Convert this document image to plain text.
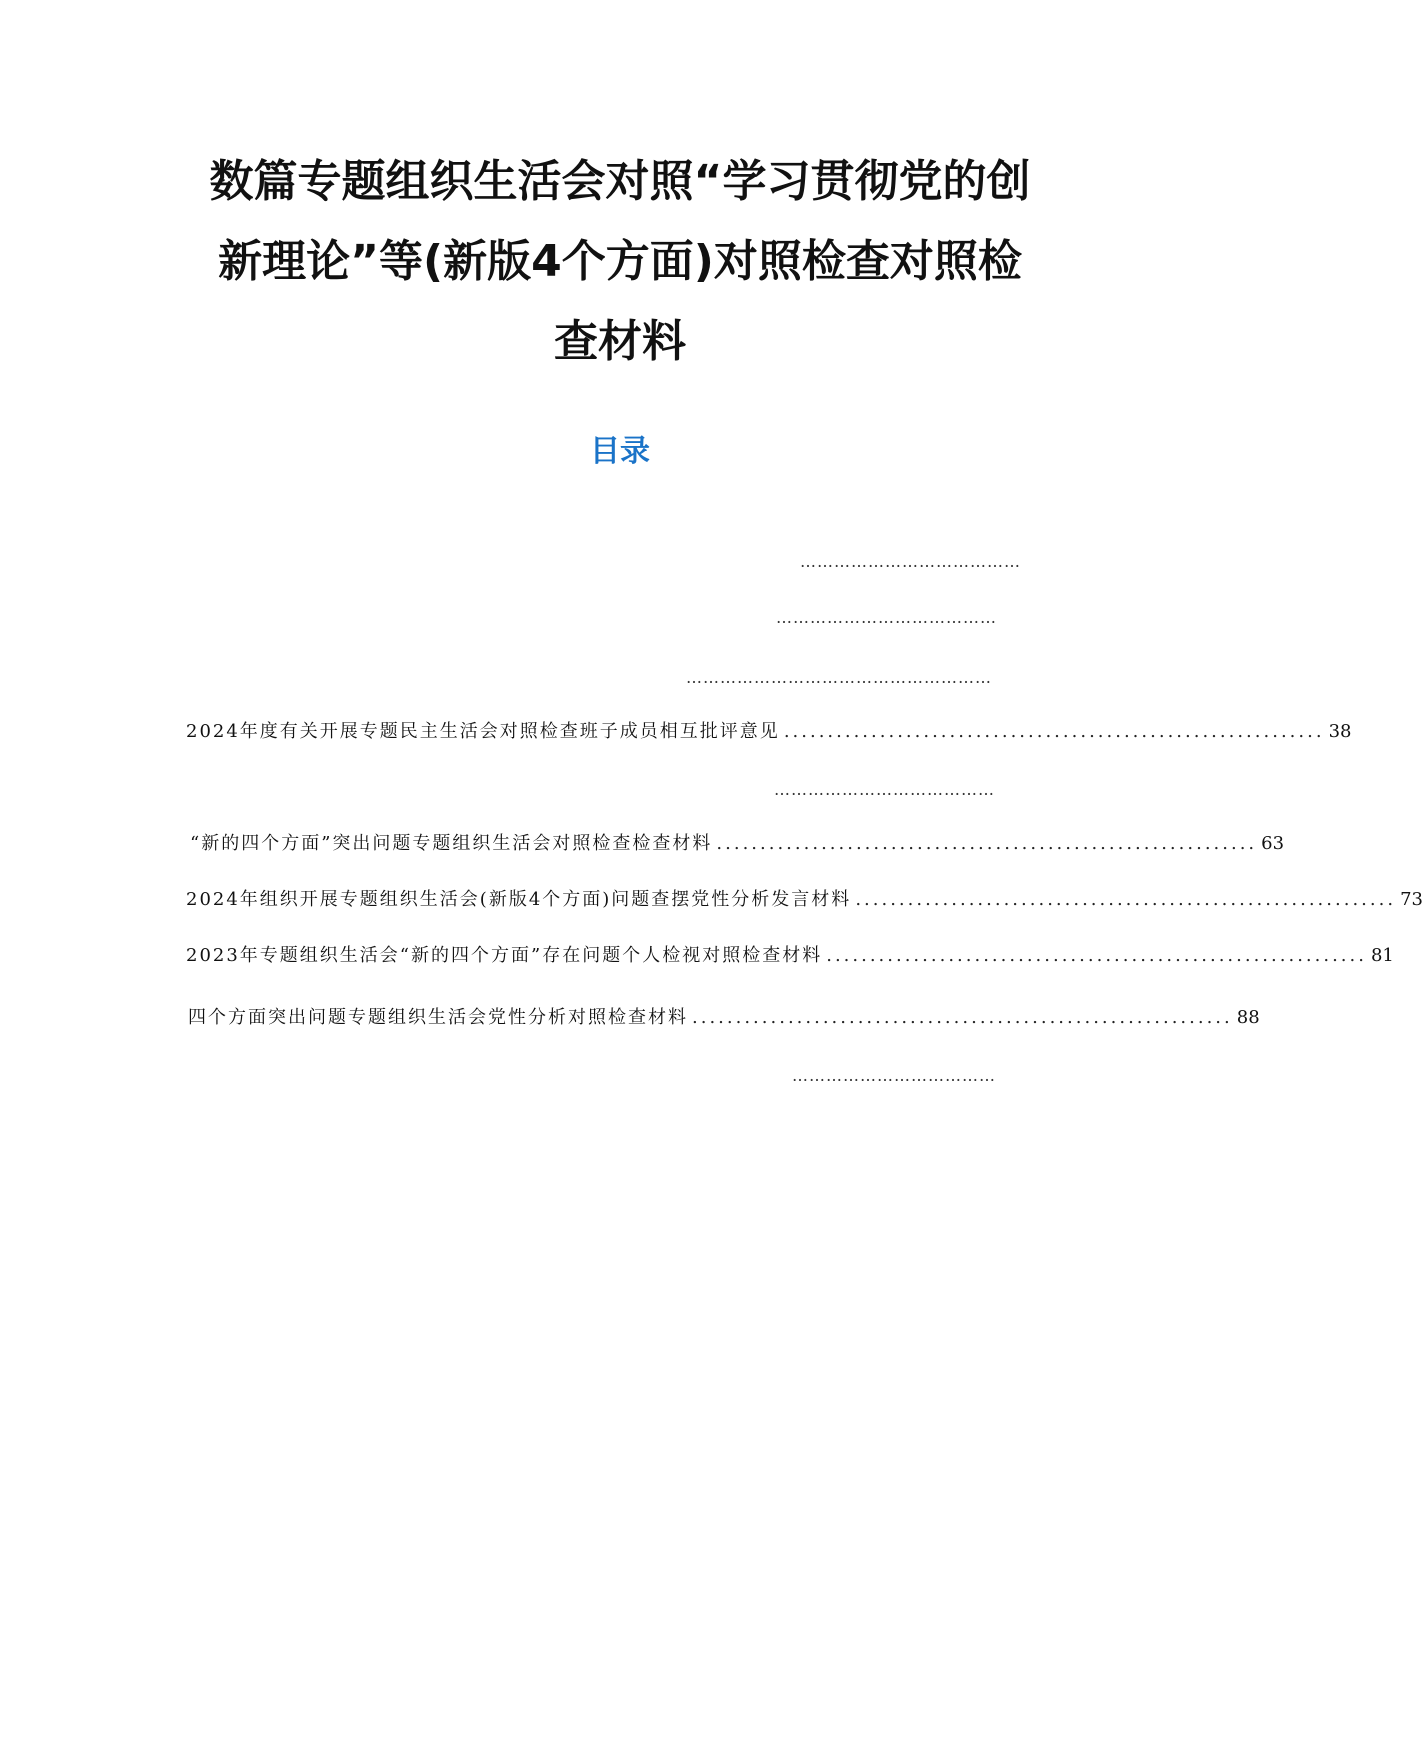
数篇专题组织生活会对照“学习贯彻党的创
新理论”等(新版4个方面)对照检查对照检
查材料
目录
…………………………………
…………………………………
………………………………………………
2024年度有关开展专题民主生活会对照检查班子成员相互批评意见 .............................................................. 38
…………………………………
“新的四个方面”突出问题专题组织生活会对照检查检查材料 .............................................................. 63
2024年组织开展专题组织生活会(新版4个方面)问题查摆党性分析发言材料 .............................................................. 73
2023年专题组织生活会“新的四个方面”存在问题个人检视对照检查材料 .............................................................. 81
四个方面突出问题专题组织生活会党性分析对照检查材料 .............................................................. 88
………………………………
